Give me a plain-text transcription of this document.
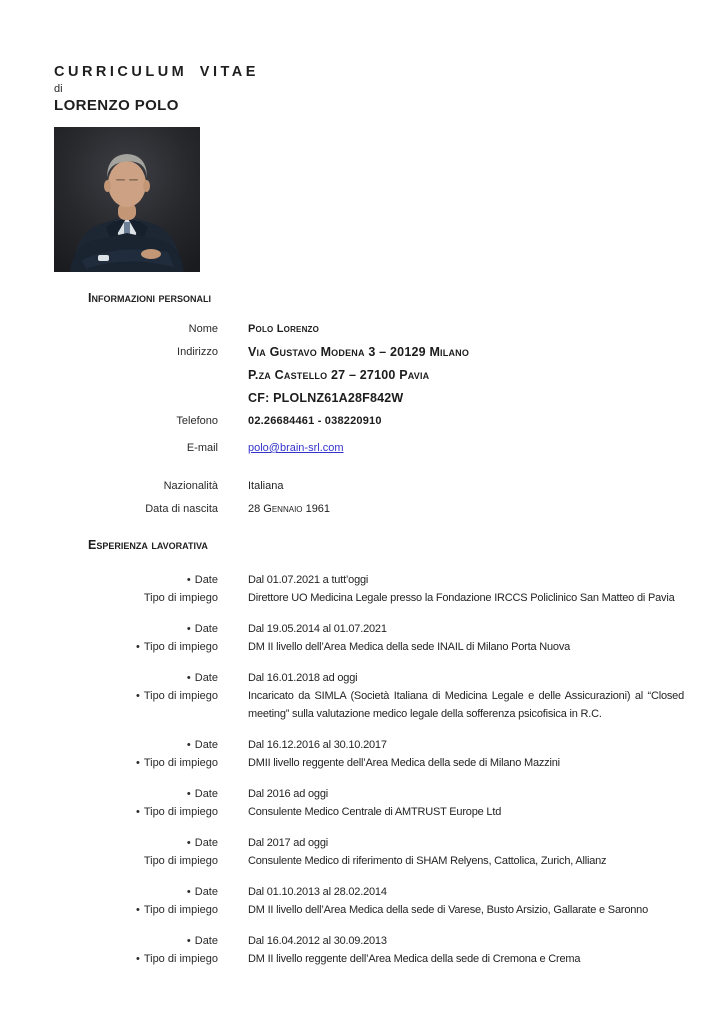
CURRICULUM VITAE
di
LORENZO POLO
Informazioni personali
Nome	Polo Lorenzo
Indirizzo Via Gustavo Modena 3 – 20129 Milano
P.za Castello 27 – 27100 Pavia
CF: PLOLNZ61A28F842W
Telefono	02.26684461 - 038220910
E-mail	polo@brain-srl.com
Nazionalità	Italiana
Data di nascita	28 Gennaio 1961
Esperienza lavorativa
• Date	Dal 01.07.2021 a tutt’oggi
Tipo di impiego	Direttore UO Medicina Legale presso la Fondazione IRCCS Policlinico San Matteo di Pavia
• Date	Dal 19.05.2014 al 01.07.2021
• Tipo di impiego	DM II livello dell’Area Medica della sede INAIL di Milano Porta Nuova
• Date	Dal 16.01.2018 ad oggi
• Tipo di impiego	Incaricato da SIMLA (Società Italiana di Medicina Legale e delle Assicurazioni) al “Closed meeting” sulla valutazione medico legale della sofferenza psicofisica in R.C.
• Date	Dal 16.12.2016 al 30.10.2017
• Tipo di impiego	DMII livello reggente dell’Area Medica della sede di Milano Mazzini
• Date	Dal 2016 ad oggi
• Tipo di impiego	Consulente Medico Centrale di AMTRUST Europe Ltd
• Date	Dal 2017 ad oggi
Tipo di impiego	Consulente Medico di riferimento di SHAM Relyens, Cattolica, Zurich, Allianz
• Date	Dal 01.10.2013 al 28.02.2014
• Tipo di impiego	DM II livello dell’Area Medica della sede di Varese, Busto Arsizio, Gallarate e Saronno
• Date	Dal 16.04.2012 al 30.09.2013
• Tipo di impiego	DM II livello reggente dell’Area Medica della sede di Cremona e Crema
